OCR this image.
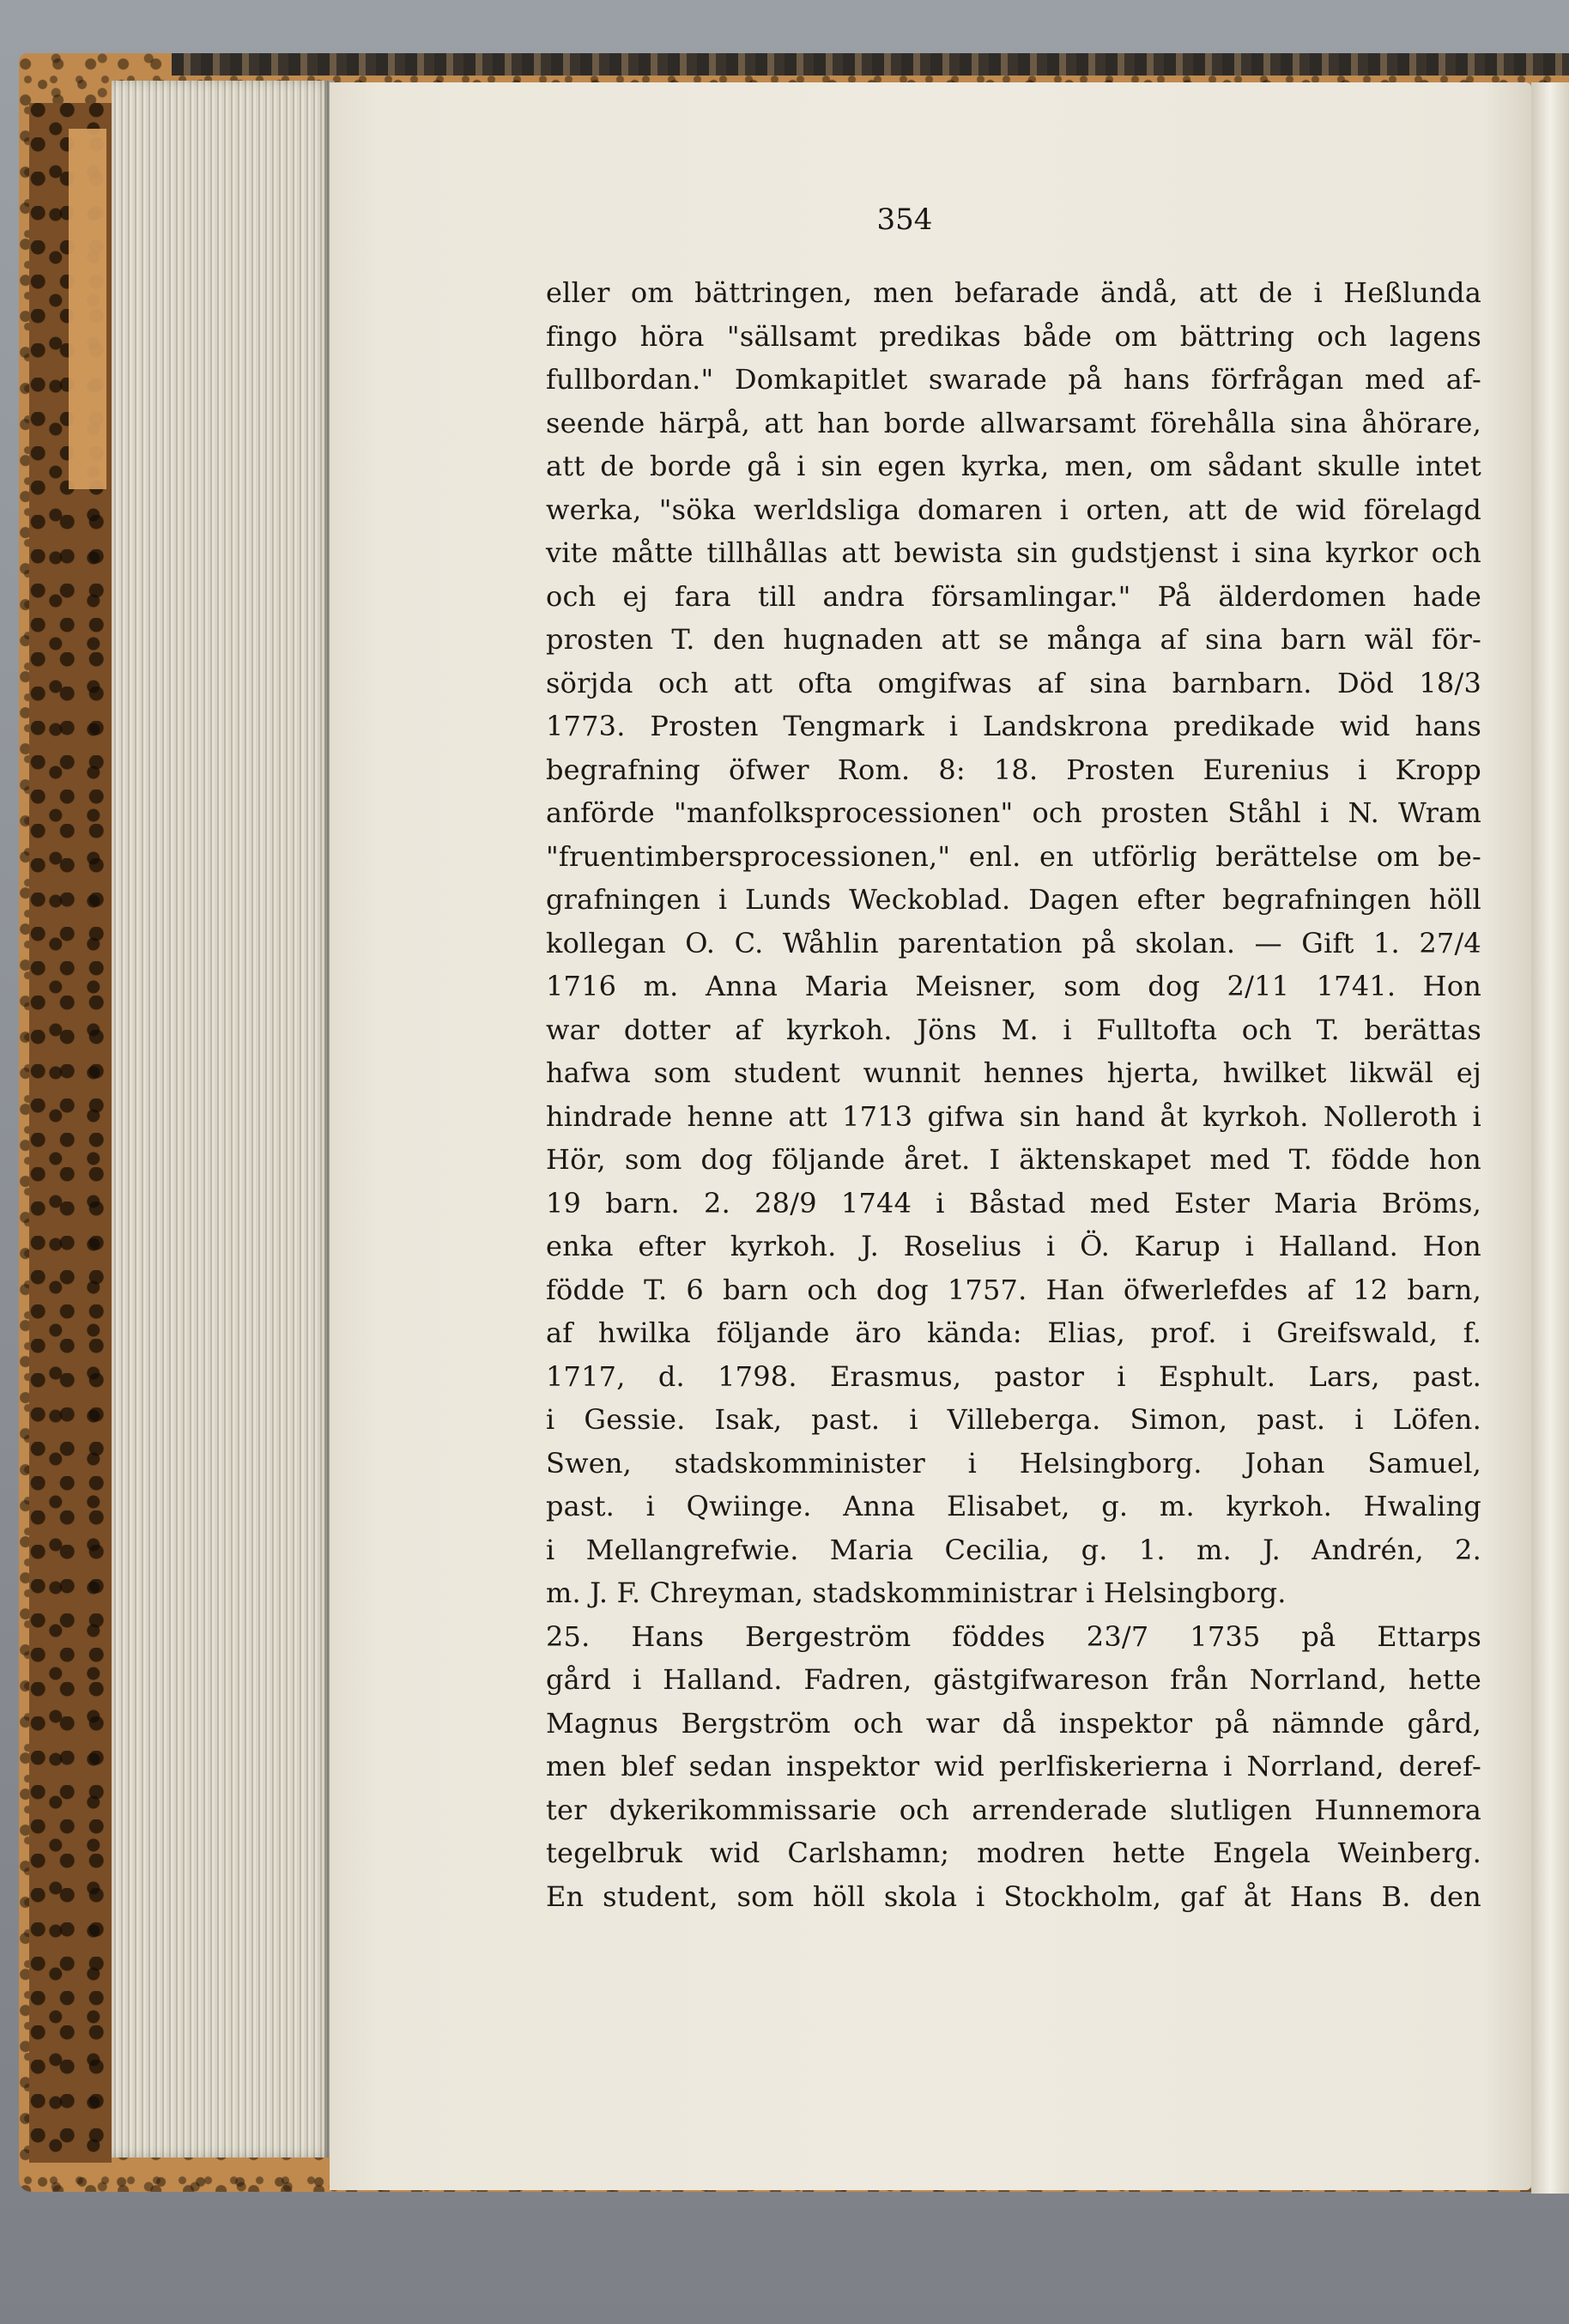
354
eller om bättringen, men befarade ändå, att de i Heßlunda
fingo höra "sällsamt predikas både om bättring och lagens
fullbordan." Domkapitlet swarade på hans förfrågan med af-
seende härpå, att han borde allwarsamt förehålla sina åhörare,
att de borde gå i sin egen kyrka, men, om sådant skulle intet
werka, "söka werldsliga domaren i orten, att de wid förelagd
vite måtte tillhållas att bewista sin gudstjenst i sina kyrkor och
och ej fara till andra församlingar." På älderdomen hade
prosten T. den hugnaden att se många af sina barn wäl för-
sörjda och att ofta omgifwas af sina barnbarn. Död 18/3
1773. Prosten Tengmark i Landskrona predikade wid hans
begrafning öfwer Rom. 8: 18. Prosten Eurenius i Kropp
anförde "manfolksprocessionen" och prosten Ståhl i N. Wram
"fruentimbersprocessionen," enl. en utförlig berättelse om be-
grafningen i Lunds Weckoblad. Dagen efter begrafningen höll
kollegan O. C. Wåhlin parentation på skolan. — Gift 1. 27/4
1716 m. Anna Maria Meisner, som dog 2/11 1741. Hon
war dotter af kyrkoh. Jöns M. i Fulltofta och T. berättas
hafwa som student wunnit hennes hjerta, hwilket likwäl ej
hindrade henne att 1713 gifwa sin hand åt kyrkoh. Nolleroth i
Hör, som dog följande året. I äktenskapet med T. födde hon
19 barn. 2. 28/9 1744 i Båstad med Ester Maria Bröms,
enka efter kyrkoh. J. Roselius i Ö. Karup i Halland. Hon
födde T. 6 barn och dog 1757. Han öfwerlefdes af 12 barn,
af hwilka följande äro kända: Elias, prof. i Greifswald, f.
1717, d. 1798. Erasmus, pastor i Esphult. Lars, past.
i Gessie. Isak, past. i Villeberga. Simon, past. i Löfen.
Swen, stadskomminister i Helsingborg. Johan Samuel,
past. i Qwiinge. Anna Elisabet, g. m. kyrkoh. Hwaling
i Mellangrefwie. Maria Cecilia, g. 1. m. J. Andrén, 2.
m. J. F. Chreyman, stadskomministrar i Helsingborg.
25. Hans Bergeström föddes 23/7 1735 på Ettarps
gård i Halland. Fadren, gästgifwareson från Norrland, hette
Magnus Bergström och war då inspektor på nämnde gård,
men blef sedan inspektor wid perlfiskerierna i Norrland, deref-
ter dykerikommissarie och arrenderade slutligen Hunnemora
tegelbruk wid Carlshamn; modren hette Engela Weinberg.
En student, som höll skola i Stockholm, gaf åt Hans B. den
